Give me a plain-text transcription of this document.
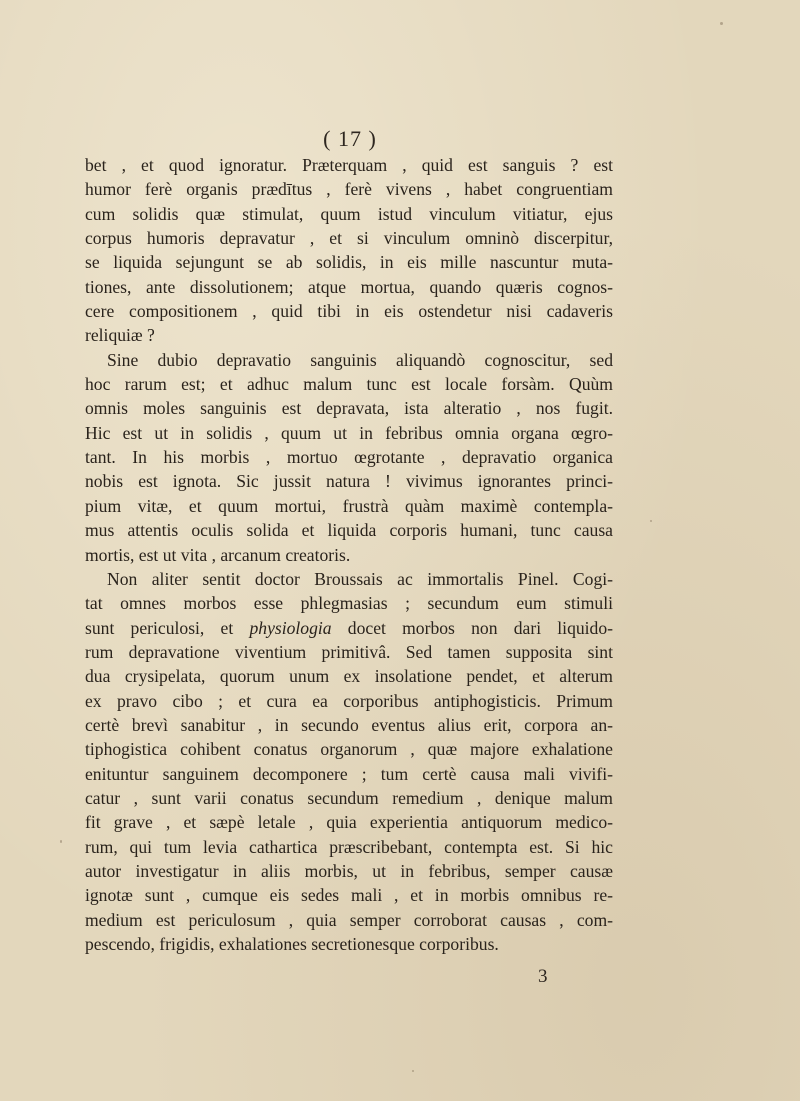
( 17 )
bet , et quod ignoratur. Præterquam , quid est sanguis ? est
humor ferè organis prædītus , ferè vivens , habet congruentiam
cum solidis quæ stimulat, quum istud vinculum vitiatur, ejus
corpus humoris depravatur , et si vinculum omninò discerpitur,
se liquida sejungunt se ab solidis, in eis mille nascuntur muta-
tiones, ante dissolutionem; atque mortua, quando quæris cognos-
cere compositionem , quid tibi in eis ostendetur nisi cadaveris
reliquiæ ?
Sine dubio depravatio sanguinis aliquandò cognoscitur, sed
hoc rarum est; et adhuc malum tunc est locale forsàm. Quùm
omnis moles sanguinis est depravata, ista alteratio , nos fugit.
Hic est ut in solidis , quum ut in febribus omnia organa œgro-
tant. In his morbis , mortuo œgrotante , depravatio organica
nobis est ignota. Sic jussit natura ! vivimus ignorantes princi-
pium vitæ, et quum mortui, frustrà quàm maximè contempla-
mus attentis oculis solida et liquida corporis humani, tunc causa
mortis, est ut vita , arcanum creatoris.
Non aliter sentit doctor Broussais ac immortalis Pinel. Cogi-
tat omnes morbos esse phlegmasias ; secundum eum stimuli
sunt periculosi, et physiologia docet morbos non dari liquido-
rum depravatione viventium primitivâ. Sed tamen supposita sint
dua crysipelata, quorum unum ex insolatione pendet, et alterum
ex pravo cibo ; et cura ea corporibus antiphogisticis. Primum
certè brevì sanabitur , in secundo eventus alius erit, corpora an-
tiphogistica cohibent conatus organorum , quæ majore exhalatione
enituntur sanguinem decomponere ; tum certè causa mali vivifi-
catur , sunt varii conatus secundum remedium , denique malum
fit grave , et sæpè letale , quia experientia antiquorum medico-
rum, qui tum levia cathartica præscribebant, contempta est. Si hic
autor investigatur in aliis morbis, ut in febribus, semper causæ
ignotæ sunt , cumque eis sedes mali , et in morbis omnibus re-
medium est periculosum , quia semper corroborat causas , com-
pescendo, frigidis, exhalationes secretionesque corporibus.
3
